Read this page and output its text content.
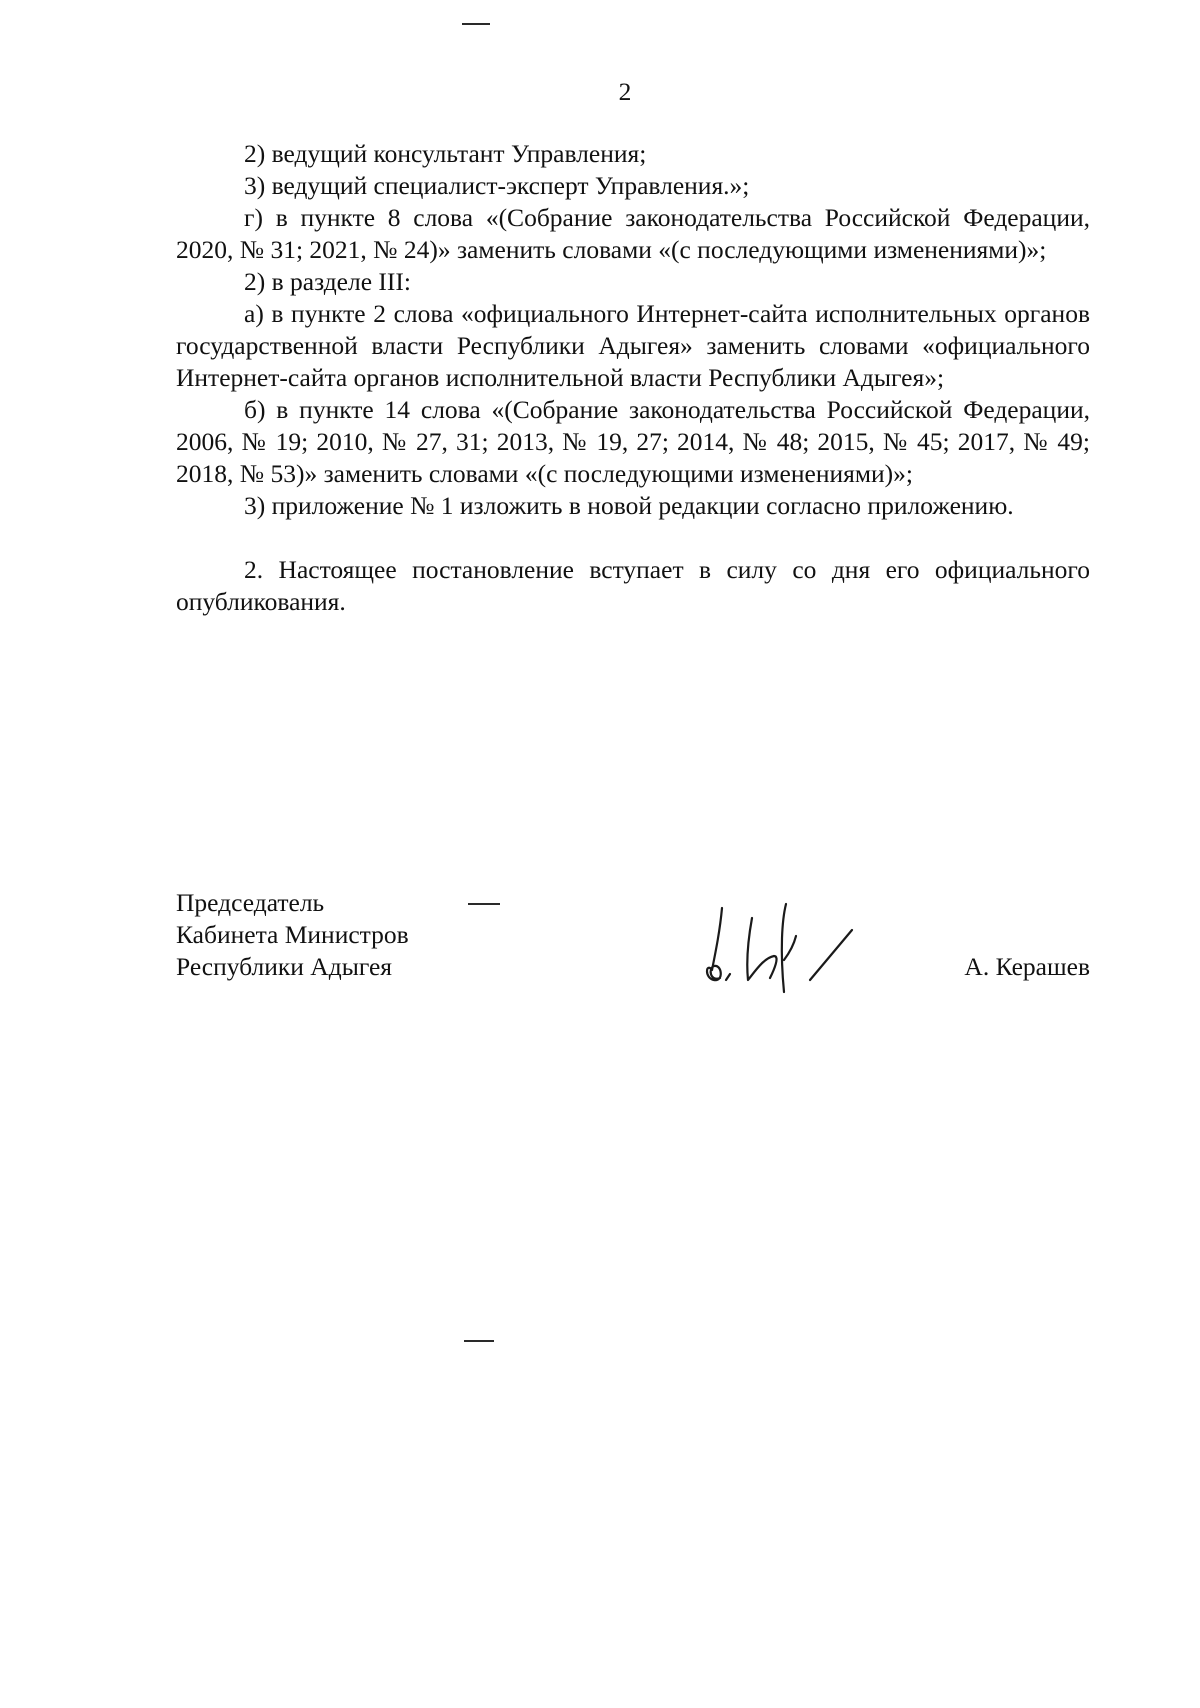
2

2) ведущий консультант Управления;

3) ведущий специалист-эксперт Управления.»;

г) в пункте 8 слова «(Собрание законодательства Российской Федерации, 2020, № 31; 2021, № 24)» заменить словами «(с последующими изменениями)»;

2) в разделе III:

а) в пункте 2 слова «официального Интернет-сайта исполнительных органов государственной власти Республики Адыгея» заменить словами «официального Интернет-сайта органов исполнительной власти Республики Адыгея»;

б) в пункте 14 слова «(Собрание законодательства Российской Федерации, 2006, № 19; 2010, № 27, 31; 2013, № 19, 27; 2014, № 48; 2015, № 45; 2017, № 49; 2018, № 53)» заменить словами «(с последующими изменениями)»;

3) приложение № 1 изложить в новой редакции согласно приложению.

2. Настоящее постановление вступает в силу со дня его официального опубликования.

Председатель
Кабинета Министров
Республики Адыгея	А. Керашев
